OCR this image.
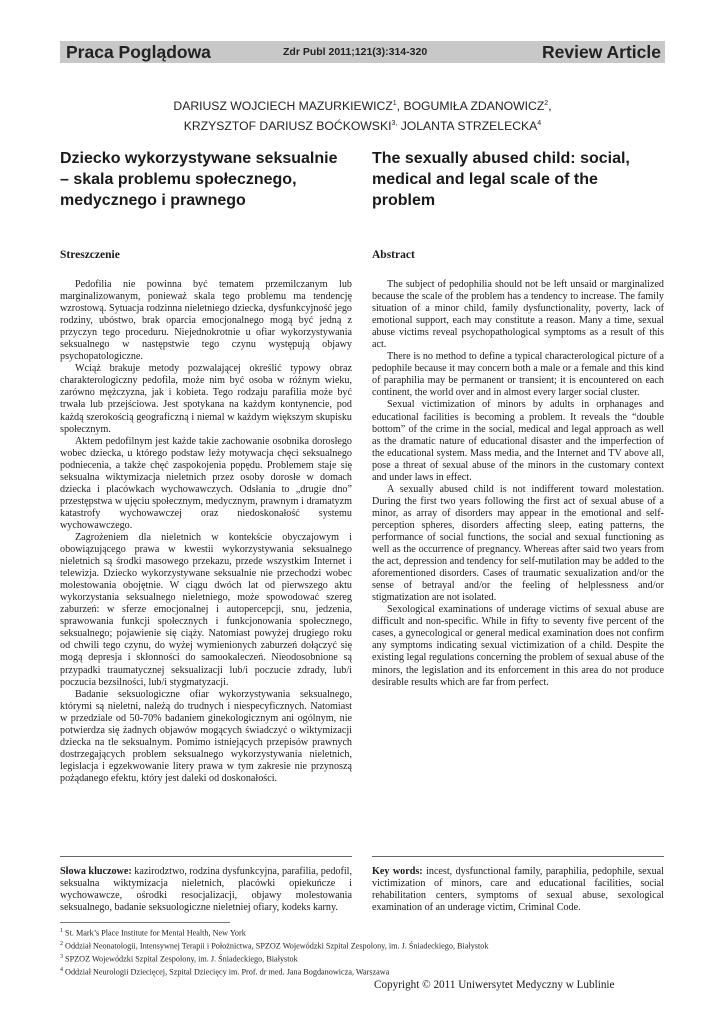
Praca Poglądowa	Zdr Publ 2011;121(3):314-320	Review Article
DARIUSZ WOJCIECH MAZURKIEWICZ$^1$, BOGUMIŁA ZDANOWICZ$^2$,
KRZYSZTOF DARIUSZ $BOĆKOWSKI^{3,}$ JOLANTA STRZELECKA$^4$
Dziecko wykorzystywane seksualnie – skala problemu społecznego, medycznego i prawnego
The sexually abused child: social, medical and legal scale of the problem
Streszczenie	Abstract

Pedofilia nie powinna być tematem przemilczanym lub marginalizowanym, ponieważ skala tego problemu ma tendencję wzrostową. Sytuacja rodzinna nieletniego dziecka, dysfunkcyjność jego rodziny, ubóstwo, brak oparcia emocjonalnego mogą być jedną z przyczyn tego proceduru. Niejednokrotnie u ofiar wykorzystywania seksualnego w następstwie tego czynu występują objawy psychopatologiczne.

Wciąż brakuje metody pozwalającej określić typowy obraz charakterologiczny pedofila, może nim być osoba w różnym wieku, zarówno mężczyzna, jak i kobieta. Tego rodzaju parafilia może być trwała lub przejściowa. Jest spotykana na każdym kontynencie, pod każdą szerokością geograficzną i niemal w każdym większym skupisku społecznym.

Aktem pedofilnym jest każde takie zachowanie osobnika dorosłego wobec dziecka, u którego podstaw leży motywacja chęci seksualnego podniecenia, a także chęć zaspokojenia popędu. Problemem staje się seksualna wiktymizacja nieletnich przez osoby dorosłe w domach dziecka i placówkach wychowawczych. Odsłania to „drugie dno” przestępstwa w ujęciu społecznym, medycznym, prawnym i dramatyzm katastrofy wychowawczej oraz niedoskonałość systemu wychowawczego.

Zagrożeniem dla nieletnich w kontekście obyczajowym i obowiązującego prawa w kwestii wykorzystywania seksualnego nieletnich są środki masowego przekazu, przede wszystkim Internet i telewizja. Dziecko wykorzystywane seksualnie nie przechodzi wobec molestowania obojętnie. W ciągu dwóch lat od pierwszego aktu wykorzystania seksualnego nieletniego, może spowodować szereg zaburzeń: w sferze emocjonalnej i autopercepcji, snu, jedzenia, sprawowania funkcji społecznych i funkcjonowania społecznego, seksualnego; pojawienie się ciąży. Natomiast powyżej drugiego roku od chwili tego czynu, do wyżej wymienionych zaburzeń dołączyć się mogą depresja i skłonności do samookaleczeń. Nieodosobnione są przypadki traumatycznej seksualizacji lub/i poczucie zdrady, lub/i poczucia bezsilności, lub/i stygmatyzacji.

Badanie seksuologiczne ofiar wykorzystywania seksualnego, którymi są nieletni, należą do trudnych i niespecyficznych. Natomiast w przedziale od 50-70% badaniem ginekologicznym ani ogólnym, nie potwierdza się żadnych objawów mogących świadczyć o wiktymizacji dziecka na tle seksualnym. Pomimo istniejących przepisów prawnych dostrzegających problem seksualnego wykorzystywania nieletnich, legislacja i egzekwowanie litery prawa w tym zakresie nie przynoszą pożądanego efektu, który jest daleki od doskonałości.

The subject of pedophilia should not be left unsaid or marginalized because the scale of the problem has a tendency to increase. The family situation of a minor child, family dysfunctionality, poverty, lack of emotional support, each may constitute a reason. Many a time, sexual abuse victims reveal psychopathological symptoms as a result of this act.

There is no method to define a typical characterological picture of a pedophile because it may concern both a male or a female and this kind of paraphilia may be permanent or transient; it is encountered on each continent, the world over and in almost every larger social cluster.

Sexual victimization of minors by adults in orphanages and educational facilities is becoming a problem. It reveals the “double bottom” of the crime in the social, medical and legal approach as well as the dramatic nature of educational disaster and the imperfection of the educational system. Mass media, and the Internet and TV above all, pose a threat of sexual abuse of the minors in the customary context and under laws in effect.

A sexually abused child is not indifferent toward molestation. During the first two years following the first act of sexual abuse of a minor, as array of disorders may appear in the emotional and self-perception spheres, disorders affecting sleep, eating patterns, the performance of social functions, the social and sexual functioning as well as the occurrence of pregnancy. Whereas after said two years from the act, depression and tendency for self-mutilation may be added to the aforementioned disorders. Cases of traumatic sexualization and/or the sense of betrayal and/or the feeling of helplessness and/or stigmatization are not isolated.

Sexological examinations of underage victims of sexual abuse are difficult and non-specific. While in fifty to seventy five percent of the cases, a gynecological or general medical examination does not confirm any symptoms indicating sexual victimization of a child. Despite the existing legal regulations concerning the problem of sexual abuse of the minors, the legislation and its enforcement in this area do not produce desirable results which are far from perfect.

Słowa kluczowe: kazirodztwo, rodzina dysfunkcyjna, parafilia, pedofil, seksualna wiktymizacja nieletnich, placówki opiekuńcze i wychowawcze, ośrodki resocjalizacji, objawy molestowania seksualnego, badanie seksuologiczne nieletniej ofiary, kodeks karny.
Key words: incest, dysfunctional family, paraphilia, pedophile, sexual victimization of minors, care and educational facilities, social rehabilitation centers, symptoms of sexual abuse, sexological examination of an underage victim, Criminal Code.
$^1$ St. Mark’s Place Institute for Mental Health, New York
$^2$ Oddział Neonatologii, Intensywnej Terapii i Położnictwa, SPZOZ Wojewódzki Szpital Zespolony, im. J. Śniadeckiego, Białystok
$^3$ SPZOZ Wojewódzki Szpital Zespolony, im. J. Śniadeckiego, Białystok
$^4$ Oddział Neurologii Dziecięcej, Szpital Dziecięcy im. Prof. dr med. Jana Bogdanowicza, Warszawa
Copyright © 2011 Uniwersytet Medyczny w Lublinie
